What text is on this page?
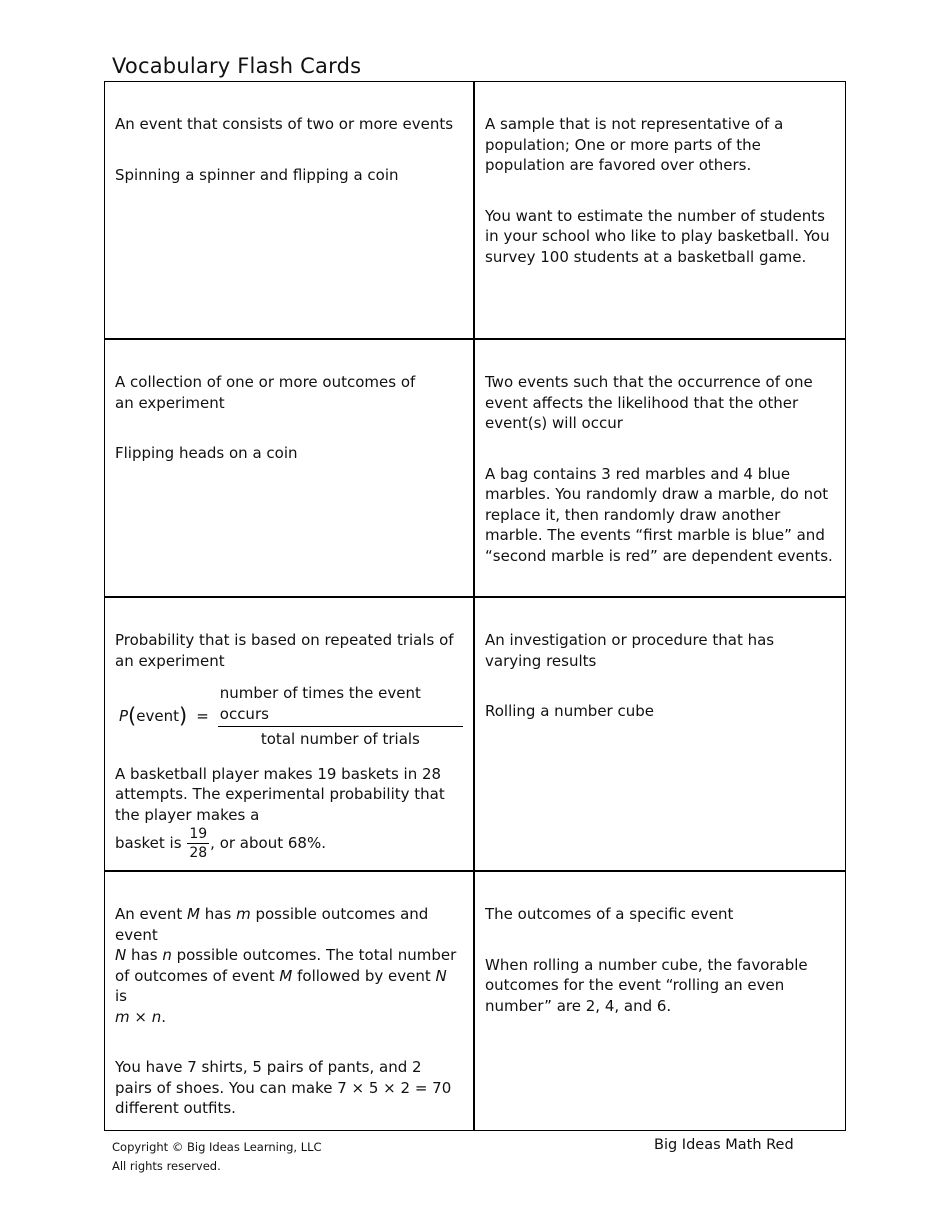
Vocabulary Flash Cards

An event that consists of two or more events

Spinning a spinner and flipping a coin

A sample that is not representative of a population; One or more parts of the population are favored over others.

You want to estimate the number of students in your school who like to play basketball. You survey 100 students at a basketball game.

A collection of one or more outcomes of
an experiment

Flipping heads on a coin

Two events such that the occurrence of one
event affects the likelihood that the other event(s) will occur

A bag contains 3 red marbles and 4 blue marbles. You randomly draw a marble, do not replace it, then randomly draw another marble. The events “first marble is blue” and “second marble is red” are dependent events.

Probability that is based on repeated trials of
an experiment

P ( event ) = $\frac{\text{number of times the event occurs}}{\text{total number of trials}}$

A basketball player makes 19 baskets in 28 attempts. The experimental probability that the player makes a
basket is $\frac{19}{28}$ , or about 68%.

An investigation or procedure that has varying results

Rolling a number cube

An event M has m possible outcomes and event
N has n possible outcomes. The total number
of outcomes of event M followed by event N is
m × n.

You have 7 shirts, 5 pairs of pants, and 2 pairs of shoes. You can make 7 × 5 × 2 = 70 different outfits.

The outcomes of a specific event

When rolling a number cube, the favorable outcomes for the event “rolling an even number” are 2, 4, and 6.

Copyright © Big Ideas Learning, LLC
All rights reserved.
Big Ideas Math Red
